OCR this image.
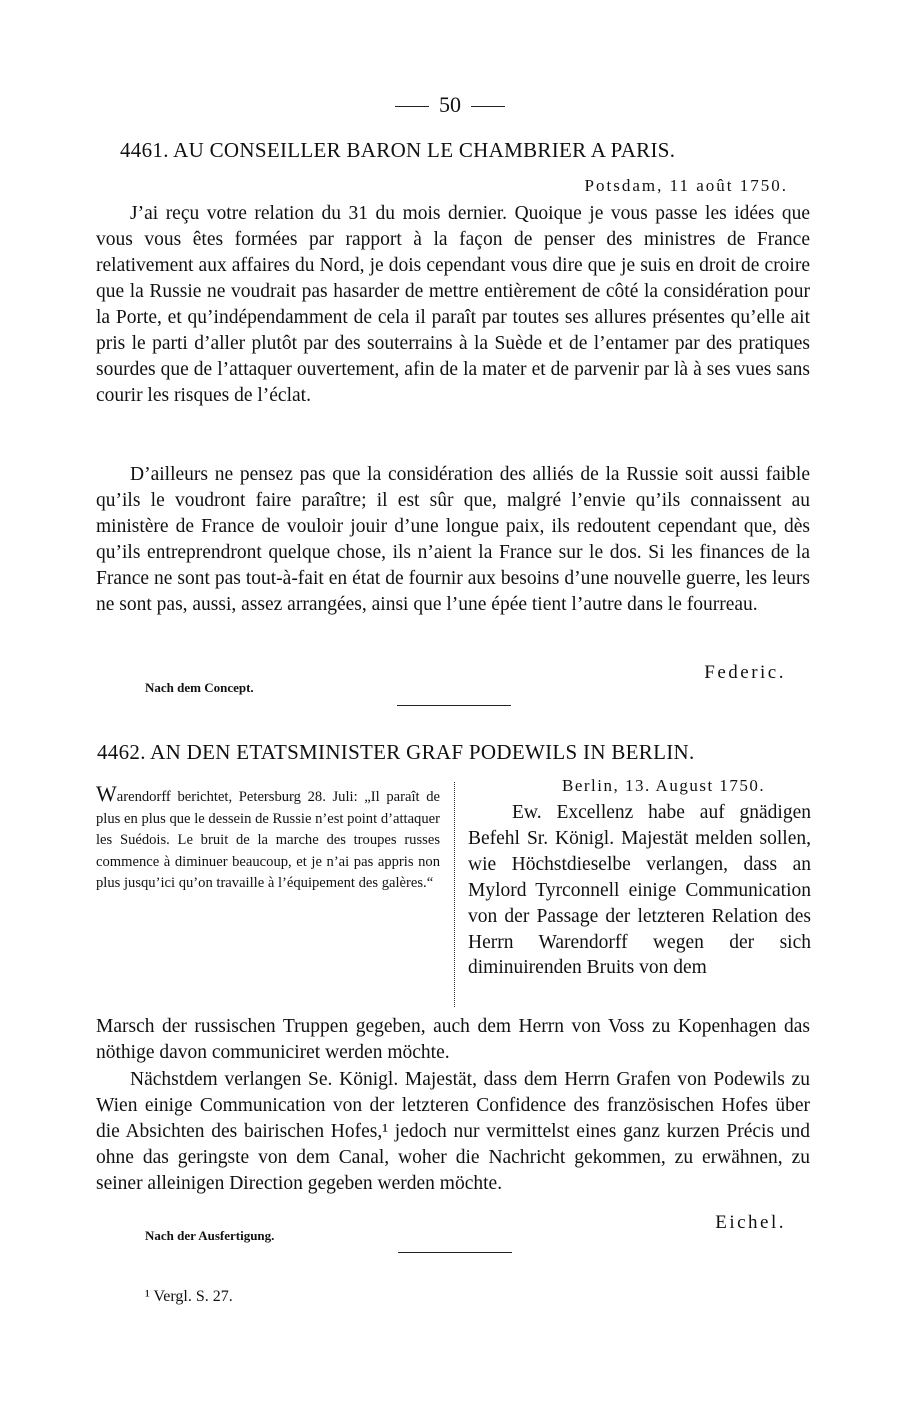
50
4461. AU CONSEILLER BARON LE CHAMBRIER A PARIS.
Potsdam, 11 août 1750.

J’ai reçu votre relation du 31 du mois dernier. Quoique je vous passe les idées que vous vous êtes formées par rapport à la façon de penser des ministres de France relativement aux affaires du Nord, je dois cependant vous dire que je suis en droit de croire que la Russie ne voudrait pas hasarder de mettre entièrement de côté la considération pour la Porte, et qu’indépendamment de cela il paraît par toutes ses allures présentes qu’elle ait pris le parti d’aller plutôt par des souterrains à la Suède et de l’entamer par des pratiques sourdes que de l’attaquer ouvertement, afin de la mater et de parvenir par là à ses vues sans courir les risques de l’éclat.

D’ailleurs ne pensez pas que la considération des alliés de la Russie soit aussi faible qu’ils le voudront faire paraître; il est sûr que, malgré l’envie qu’ils connaissent au ministère de France de vouloir jouir d’une longue paix, ils redoutent cependant que, dès qu’ils entreprendront quelque chose, ils n’aient la France sur le dos. Si les finances de la France ne sont pas tout-à-fait en état de fournir aux besoins d’une nouvelle guerre, les leurs ne sont pas, aussi, assez arrangées, ainsi que l’une épée tient l’autre dans le fourreau.

Federic.
Nach dem Concept.
4462. AN DEN ETATSMINISTER GRAF PODEWILS IN BERLIN.

Warendorff berichtet, Petersburg 28. Juli: „Il paraît de plus en plus que le dessein de Russie n’est point d’attaquer les Suédois. Le bruit de la marche des troupes russes commence à diminuer beaucoup, et je n’ai pas appris non plus jusqu’ici qu’on travaille à l’équipement des galères.“

Berlin, 13. August 1750.

Ew. Excellenz habe auf gnädigen Befehl Sr. Königl. Majestät melden sollen, wie Höchstdieselbe verlangen, dass an Mylord Tyrconnell einige Communication von der Passage der letzteren Relation des Herrn Warendorff wegen der sich diminuirenden Bruits von dem

Marsch der russischen Truppen gegeben, auch dem Herrn von Voss zu Kopenhagen das nöthige davon communiciret werden möchte.

Nächstdem verlangen Se. Königl. Majestät, dass dem Herrn Grafen von Podewils zu Wien einige Communication von der letzteren Confidence des französischen Hofes über die Absichten des bairischen Hofes,¹ jedoch nur vermittelst eines ganz kurzen Précis und ohne das geringste von dem Canal, woher die Nachricht gekommen, zu erwähnen, zu seiner alleinigen Direction gegeben werden möchte.

Eichel.
Nach der Ausfertigung.
¹ Vergl. S. 27.
